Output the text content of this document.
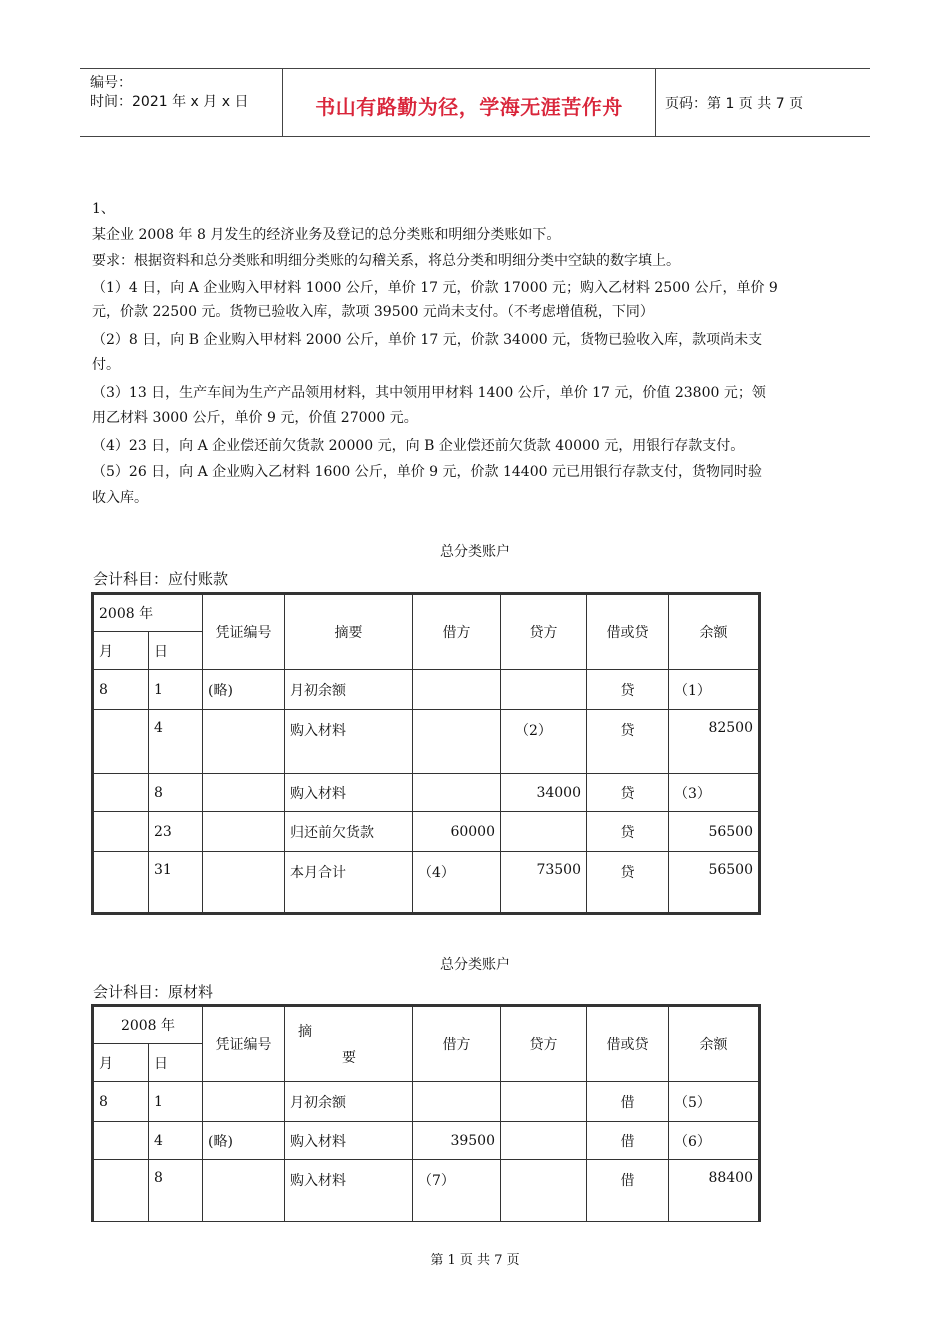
编号：
时间：2021 年 x 月 x 日	书山有路勤为径，学海无涯苦作舟	页码：第 1 页 共 7 页
1、
某企业 2008 年 8 月发生的经济业务及登记的总分类账和明细分类账如下。
要求：根据资料和总分类账和明细分类账的勾稽关系，将总分类和明细分类中空缺的数字填上。
（1）4 日，向 A 企业购入甲材料 1000 公斤，单价 17 元，价款 17000 元；购入乙材料 2500 公斤，单价 9
元，价款 22500 元。货物已验收入库，款项 39500 元尚未支付。（不考虑增值税，下同）
（2）8 日，向 B 企业购入甲材料 2000 公斤，单价 17 元，价款 34000 元，货物已验收入库，款项尚未支
付。
（3）13 日，生产车间为生产产品领用材料，其中领用甲材料 1400 公斤，单价 17 元，价值 23800 元；领
用乙材料 3000 公斤，单价 9 元，价值 27000 元。
（4）23 日，向 A 企业偿还前欠货款 20000 元，向 B 企业偿还前欠货款 40000 元，用银行存款支付。
（5）26 日，向 A 企业购入乙材料 1600 公斤，单价 9 元，价款 14400 元已用银行存款支付，货物同时验
收入库。
总分类账户
会计科目：应付账款
2008 年		凭证编号	摘要	借方	贷方	借或贷	余额
月	日						
8	1	(略)	月初余额			贷	（1）
	4		购入材料		（2）	贷	82500
	8		购入材料		34000	贷	（3）
	23		归还前欠货款	60000		贷	56500
	31		本月合计	（4）	73500	贷	56500
总分类账户
会计科目：原材料
2008 年		凭证编号	摘
要	借方	贷方	借或贷	余额
月	日						
8	1		月初余额			借	（5）
	4	(略)	购入材料	39500		借	（6）
	8		购入材料	（7）		借	88400
第 1 页 共 7 页
